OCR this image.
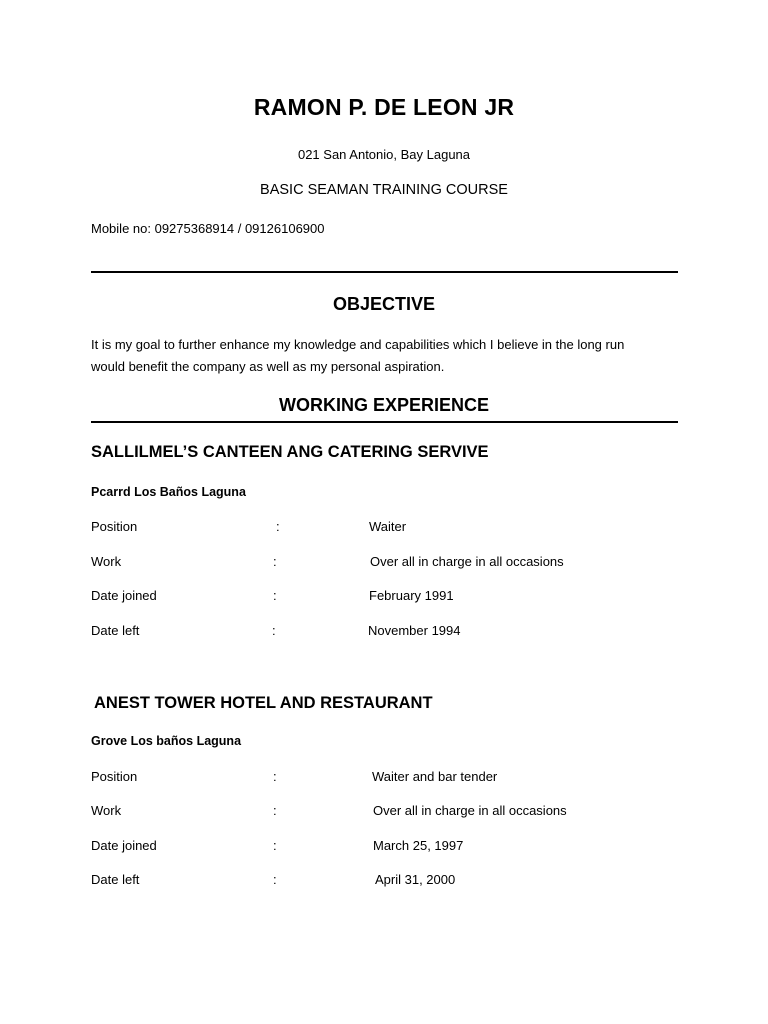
RAMON P. DE LEON JR
021 San Antonio, Bay Laguna
BASIC SEAMAN TRAINING COURSE
Mobile no: 09275368914 / 09126106900
OBJECTIVE
It is my goal to further enhance my knowledge and capabilities which I believe in the long run
would benefit the company as well as my personal aspiration.
WORKING EXPERIENCE
SALLILMEL’S CANTEEN ANG CATERING SERVIVE
Pcarrd Los Baños Laguna
Position	:	Waiter
Work	:	Over all in charge in all occasions
Date joined	:	February 1991
Date left	:	November 1994
ANEST TOWER HOTEL AND RESTAURANT
Grove Los baños Laguna
Position	:	Waiter and bar tender
Work	:	Over all in charge in all occasions
Date joined	:	March 25, 1997
Date left	:	April 31, 2000
